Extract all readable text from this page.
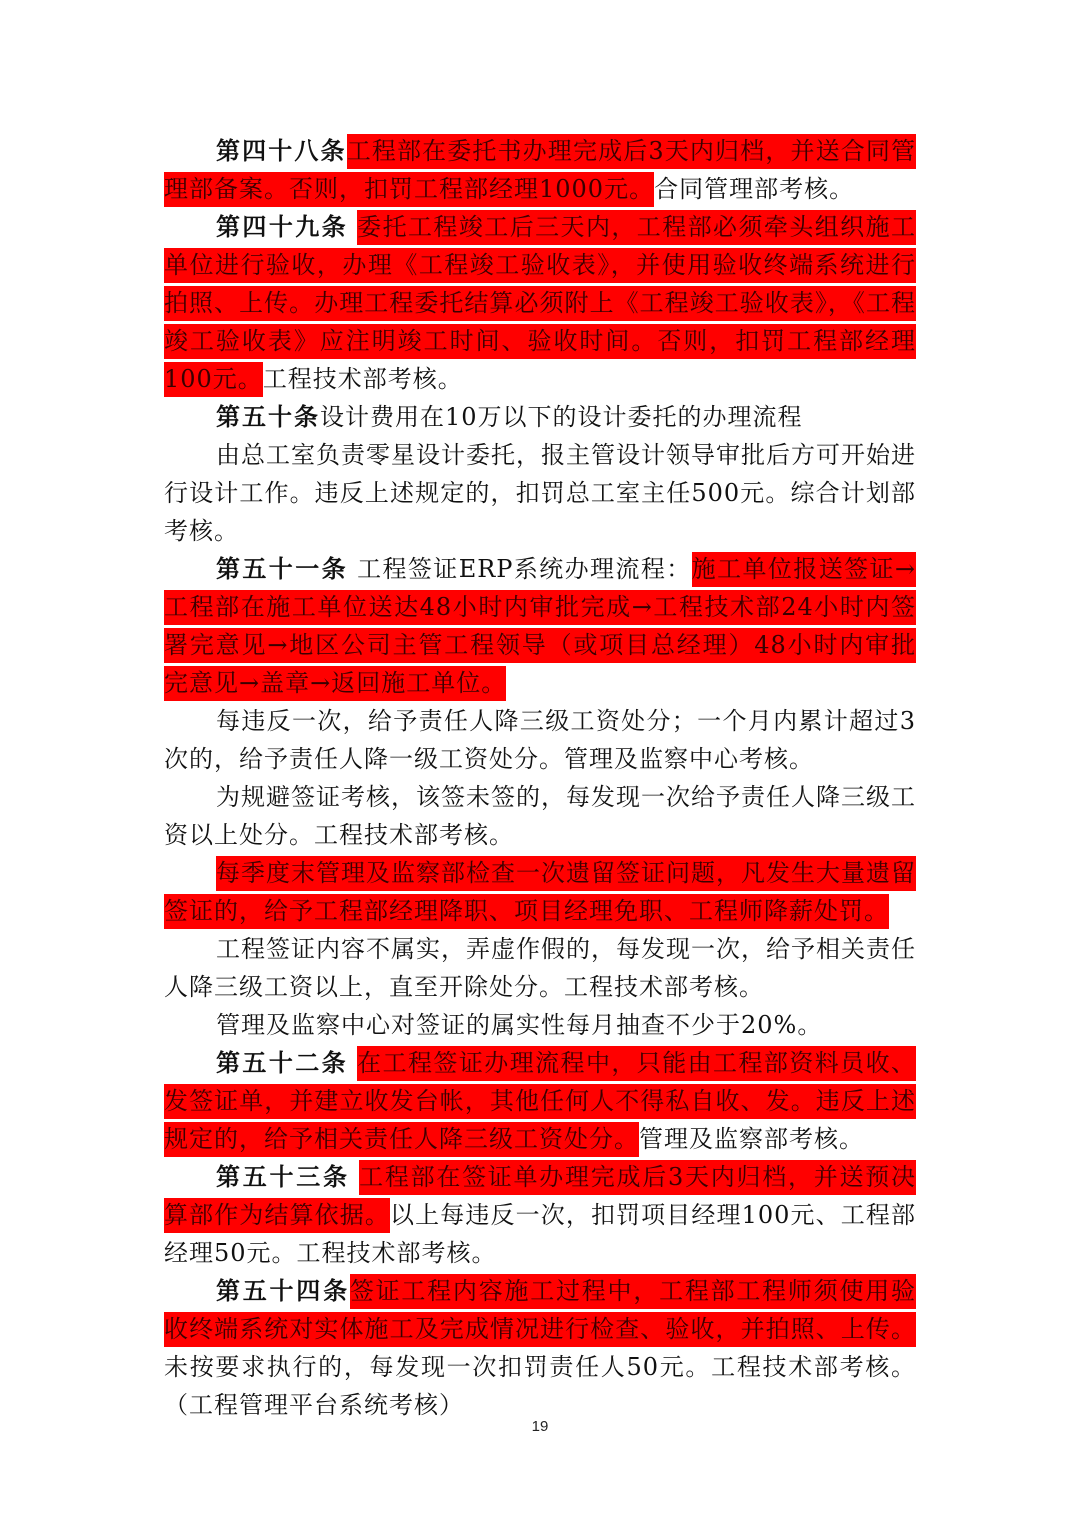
第四十八条工程部在委托书办理完成后3天内归档，并送合同管理部备案。否则，扣罚工程部经理1000元。合同管理部考核。

第四十九条 委托工程竣工后三天内，工程部必须牵头组织施工单位进行验收，办理《工程竣工验收表》，并使用验收终端系统进行拍照、上传。办理工程委托结算必须附上《工程竣工验收表》，《工程竣工验收表》应注明竣工时间、验收时间。否则，扣罚工程部经理100元。工程技术部考核。

第五十条设计费用在10万以下的设计委托的办理流程

由总工室负责零星设计委托，报主管设计领导审批后方可开始进行设计工作。违反上述规定的，扣罚总工室主任500元。综合计划部考核。

第五十一条 工程签证ERP系统办理流程：施工单位报送签证→工程部在施工单位送达48小时内审批完成→工程技术部24小时内签署完意见→地区公司主管工程领导（或项目总经理）48小时内审批完意见→盖章→返回施工单位。

每违反一次，给予责任人降三级工资处分；一个月内累计超过3次的，给予责任人降一级工资处分。管理及监察中心考核。

为规避签证考核，该签未签的，每发现一次给予责任人降三级工资以上处分。工程技术部考核。

每季度末管理及监察部检查一次遗留签证问题，凡发生大量遗留签证的，给予工程部经理降职、项目经理免职、工程师降薪处罚。

工程签证内容不属实，弄虚作假的，每发现一次，给予相关责任人降三级工资以上，直至开除处分。工程技术部考核。

管理及监察中心对签证的属实性每月抽查不少于20%。

第五十二条 在工程签证办理流程中，只能由工程部资料员收、发签证单，并建立收发台帐，其他任何人不得私自收、发。违反上述规定的，给予相关责任人降三级工资处分。管理及监察部考核。

第五十三条 工程部在签证单办理完成后3天内归档，并送预决算部作为结算依据。以上每违反一次，扣罚项目经理100元、工程部经理50元。工程技术部考核。

第五十四条签证工程内容施工过程中，工程部工程师须使用验收终端系统对实体施工及完成情况进行检查、验收，并拍照、上传。未按要求执行的，每发现一次扣罚责任人50元。工程技术部考核。（工程管理平台系统考核）

19
